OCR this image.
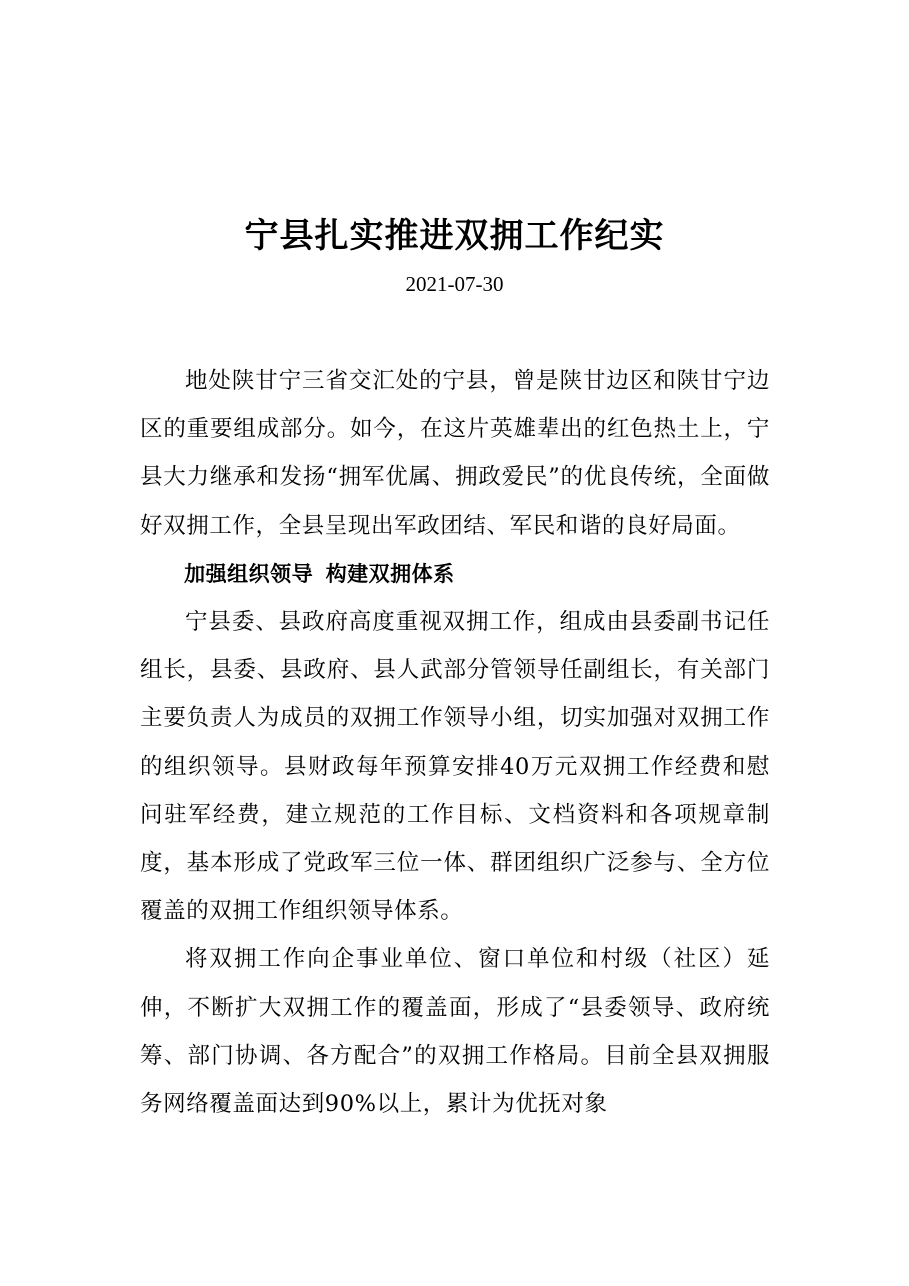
宁县扎实推进双拥工作纪实
2021-07-30

地处陕甘宁三省交汇处的宁县，曾是陕甘边区和陕甘宁边区的重要组成部分。如今，在这片英雄辈出的红色热土上，宁县大力继承和发扬“拥军优属、拥政爱民”的优良传统，全面做好双拥工作，全县呈现出军政团结、军民和谐的良好局面。

加强组织领导 构建双拥体系

宁县委、县政府高度重视双拥工作，组成由县委副书记任组长，县委、县政府、县人武部分管领导任副组长，有关部门主要负责人为成员的双拥工作领导小组，切实加强对双拥工作的组织领导。县财政每年预算安排40万元双拥工作经费和慰问驻军经费，建立规范的工作目标、文档资料和各项规章制度，基本形成了党政军三位一体、群团组织广泛参与、全方位覆盖的双拥工作组织领导体系。

将双拥工作向企事业单位、窗口单位和村级（社区）延伸，不断扩大双拥工作的覆盖面，形成了“县委领导、政府统筹、部门协调、各方配合”的双拥工作格局。目前全县双拥服务网络覆盖面达到90%以上，累计为优抚对象
